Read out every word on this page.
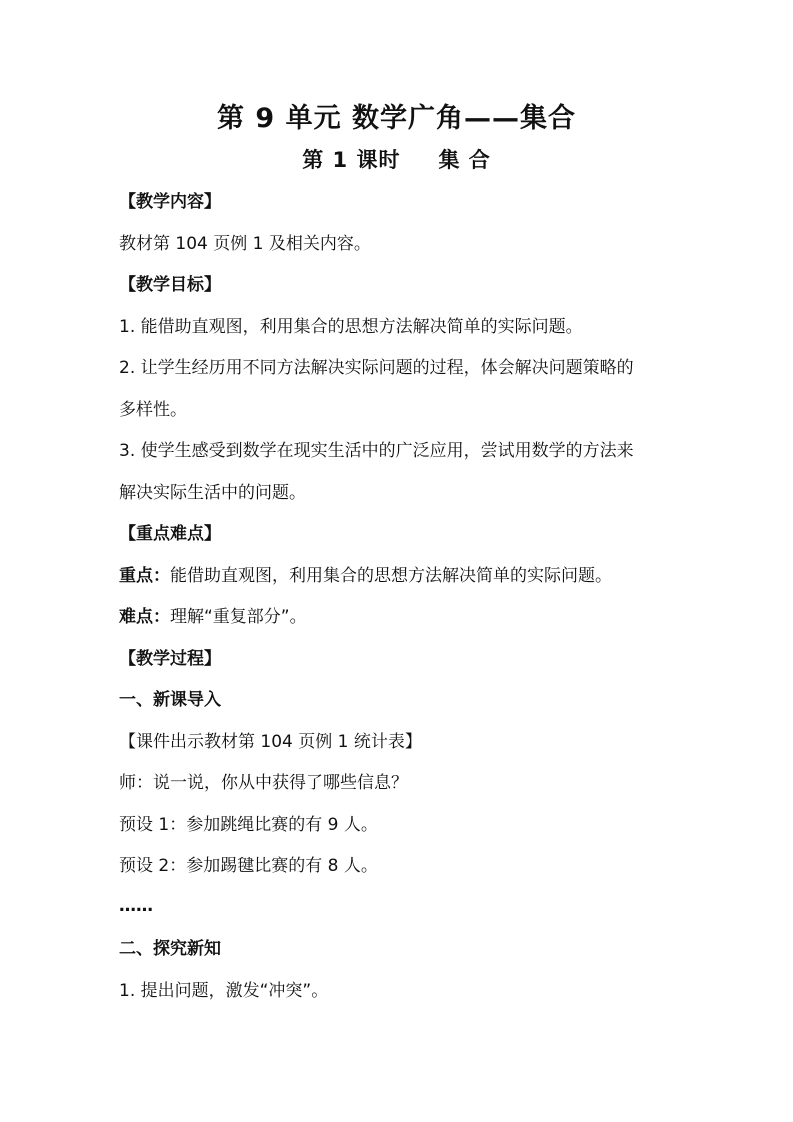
第 9 单元 数学广角——集合
第 1 课时 集 合
【教学内容】
教材第 104 页例 1 及相关内容。
【教学目标】
1. 能借助直观图，利用集合的思想方法解决简单的实际问题。
2. 让学生经历用不同方法解决实际问题的过程，体会解决问题策略的
多样性。
3. 使学生感受到数学在现实生活中的广泛应用，尝试用数学的方法来
解决实际生活中的问题。
【重点难点】
重点：能借助直观图，利用集合的思想方法解决简单的实际问题。
难点：理解“重复部分”。
【教学过程】
一、新课导入
【课件出示教材第 104 页例 1 统计表】
师：说一说，你从中获得了哪些信息？
预设 1：参加跳绳比赛的有 9 人。
预设 2：参加踢毽比赛的有 8 人。
……
二、探究新知
1. 提出问题，激发“冲突”。
